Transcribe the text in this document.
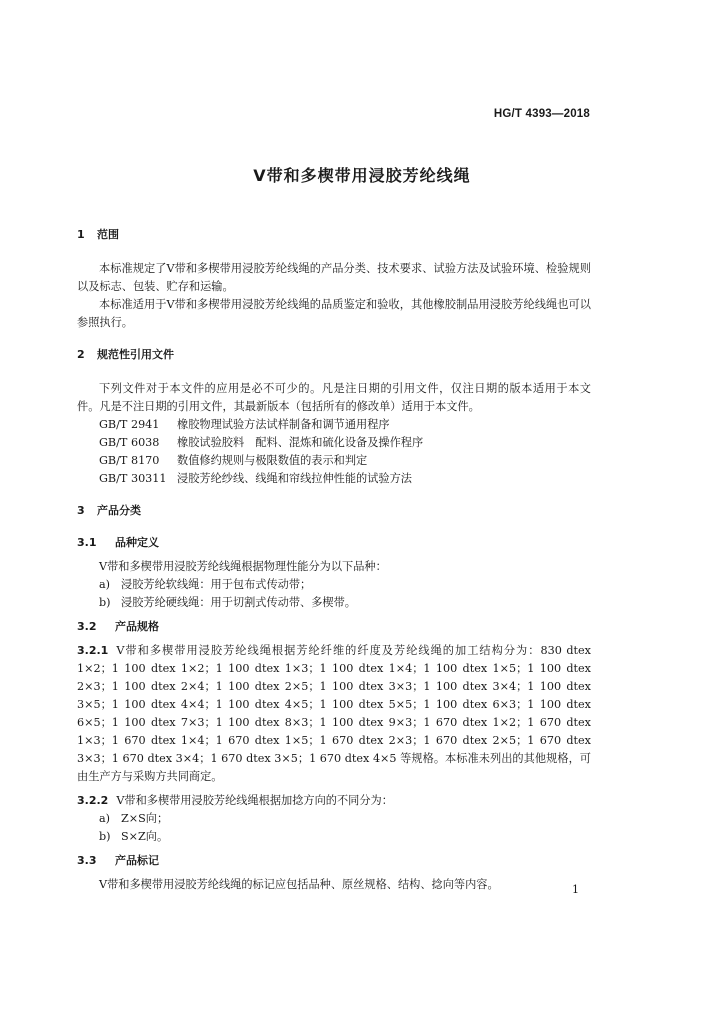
HG/T 4393—2018
V带和多楔带用浸胶芳纶线绳
1 范围

本标准规定了V带和多楔带用浸胶芳纶线绳的产品分类、技术要求、试验方法及试验环境、检验规则以及标志、包装、贮存和运输。

本标准适用于V带和多楔带用浸胶芳纶线绳的品质鉴定和验收，其他橡胶制品用浸胶芳纶线绳也可以参照执行。

2 规范性引用文件

下列文件对于本文件的应用是必不可少的。凡是注日期的引用文件，仅注日期的版本适用于本文件。凡是不注日期的引用文件，其最新版本（包括所有的修改单）适用于本文件。

GB/T 2941 橡胶物理试验方法试样制备和调节通用程序

GB/T 6038 橡胶试验胶料　配料、混炼和硫化设备及操作程序

GB/T 8170 数值修约规则与极限数值的表示和判定

GB/T 30311 浸胶芳纶纱线、线绳和帘线拉伸性能的试验方法

3 产品分类
3.1 品种定义

V带和多楔带用浸胶芳纶线绳根据物理性能分为以下品种：

a) 浸胶芳纶软线绳：用于包布式传动带；

b) 浸胶芳纶硬线绳：用于切割式传动带、多楔带。

3.2 产品规格

3.2.1 V带和多楔带用浸胶芳纶线绳根据芳纶纤维的纤度及芳纶线绳的加工结构分为：830 dtex 1×2；1 100 dtex 1×2；1 100 dtex 1×3；1 100 dtex 1×4；1 100 dtex 1×5；1 100 dtex 2×3；1 100 dtex 2×4；1 100 dtex 2×5；1 100 dtex 3×3；1 100 dtex 3×4；1 100 dtex 3×5；1 100 dtex 4×4；1 100 dtex 4×5；1 100 dtex 5×5；1 100 dtex 6×3；1 100 dtex 6×5；1 100 dtex 7×3；1 100 dtex 8×3；1 100 dtex 9×3；1 670 dtex 1×2；1 670 dtex 1×3；1 670 dtex 1×4；1 670 dtex 1×5；1 670 dtex 2×3；1 670 dtex 2×5；1 670 dtex 3×3；1 670 dtex 3×4；1 670 dtex 3×5；1 670 dtex 4×5 等规格。本标准未列出的其他规格，可由生产方与采购方共同商定。

3.2.2 V带和多楔带用浸胶芳纶线绳根据加捻方向的不同分为：

a) Z×S向；

b) S×Z向。

3.3 产品标记

V带和多楔带用浸胶芳纶线绳的标记应包括品种、原丝规格、结构、捻向等内容。	1
